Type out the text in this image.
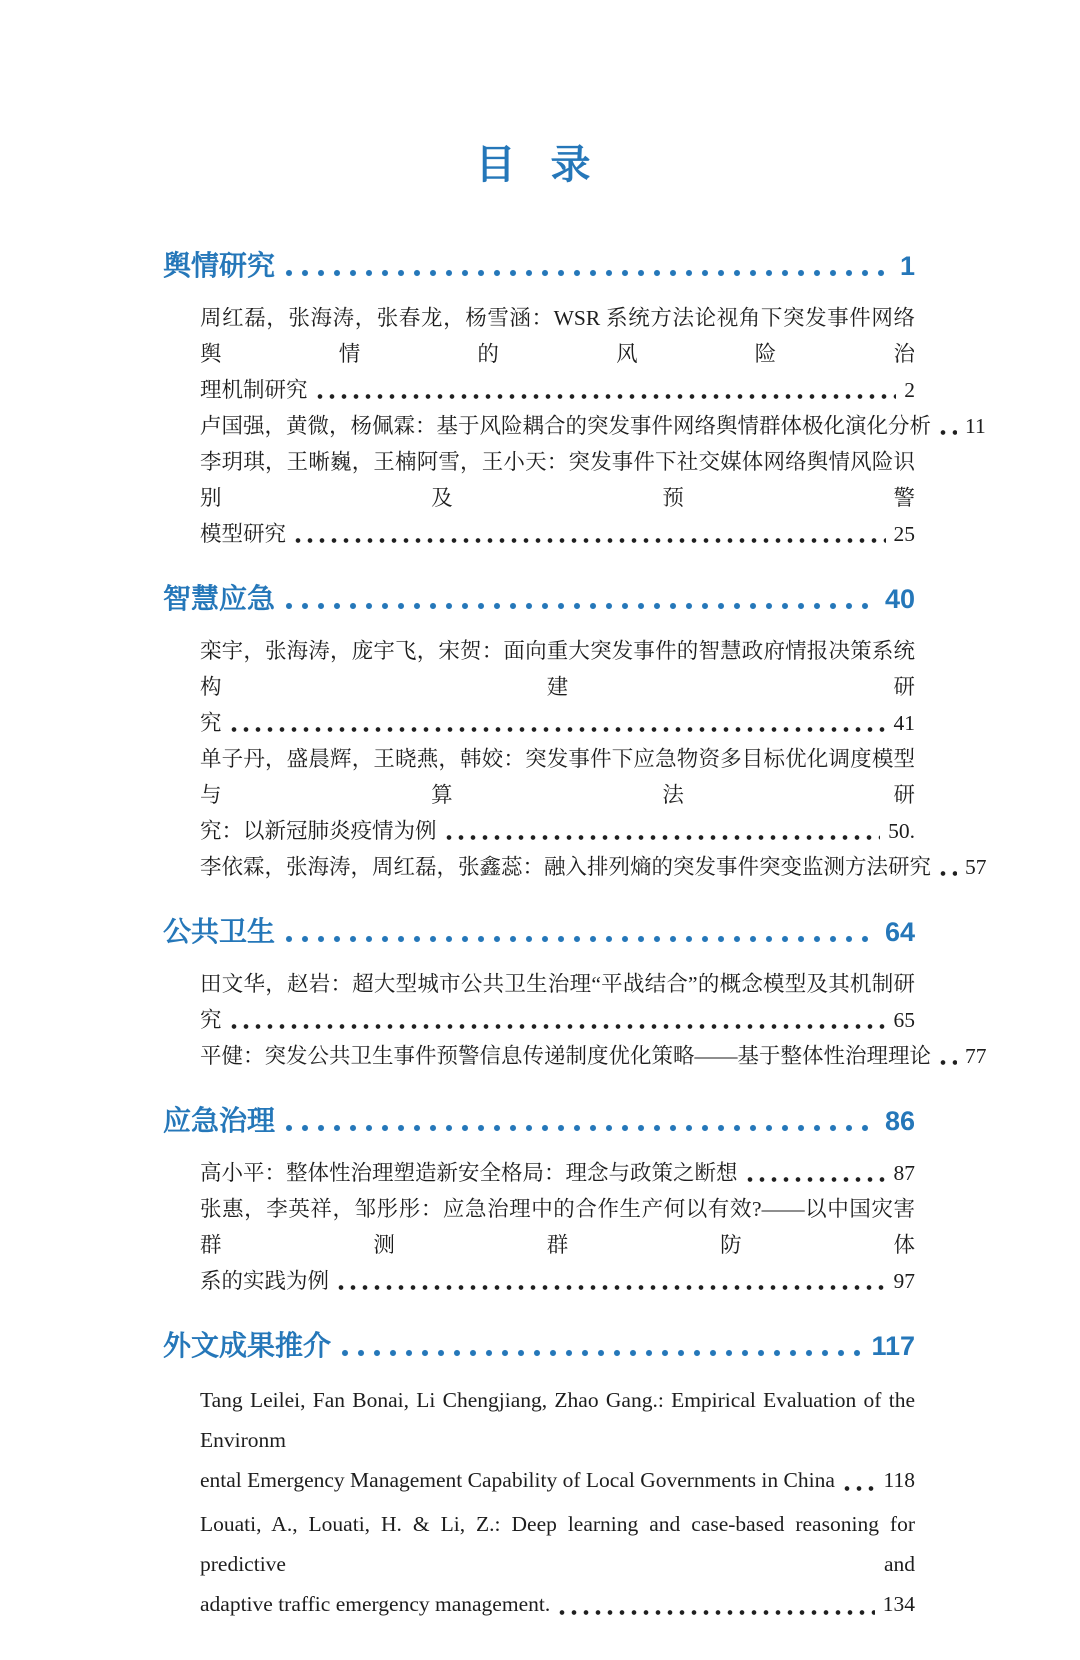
目 录
舆情研究	1
周红磊，张海涛，张春龙，杨雪涵：WSR 系统方法论视角下突发事件网络舆情的风险治
理机制研究	2
卢国强，黄微，杨佩霖：基于风险耦合的突发事件网络舆情群体极化演化分析 11
李玥琪，王晰巍，王楠阿雪，王小天：突发事件下社交媒体网络舆情风险识别及预警
模型研究	25
智慧应急	40
栾宇，张海涛，庞宇飞，宋贺：面向重大突发事件的智慧政府情报决策系统构建研
究	41
单子丹，盛晨辉，王晓燕，韩姣：突发事件下应急物资多目标优化调度模型与算法研
究：以新冠肺炎疫情为例	50.
李依霖，张海涛，周红磊，张鑫蕊：融入排列熵的突发事件突变监测方法研究 57
公共卫生	64
田文华，赵岩：超大型城市公共卫生治理“平战结合”的概念模型及其机制研
究	65
平健：突发公共卫生事件预警信息传递制度优化策略——基于整体性治理理论 77
应急治理	86
高小平：整体性治理塑造新安全格局：理念与政策之断想	87
张惠，李英祥，邹彤彤：应急治理中的合作生产何以有效?——以中国灾害群测群防体
系的实践为例	97
外文成果推介	117
Tang Leilei, Fan Bonai, Li Chengjiang, Zhao Gang.: Empirical Evaluation of the Environm
ental Emergency Management Capability of Local Governments in China 118
Louati, A., Louati, H. & Li, Z.: Deep learning and case-based reasoning for predictive and
adaptive traffic emergency management.	134
